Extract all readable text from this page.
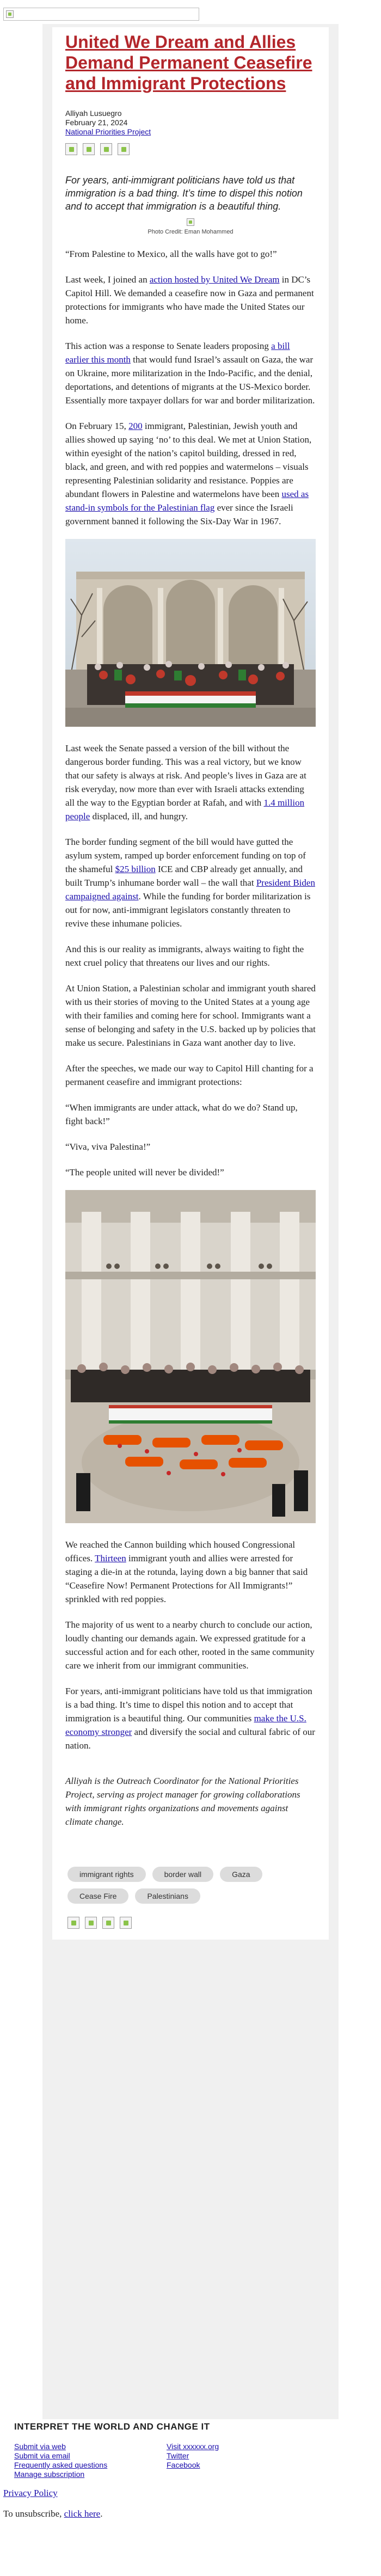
United We Dream and Allies Demand Permanent Ceasefire and Immigrant Protections
Alliyah Lusuegro
February 21, 2024
National Priorities Project
For years, anti-immigrant politicians have told us that immigration is a bad thing. It’s time to dispel this notion and to accept that immigration is a beautiful thing.
Photo Credit: Eman Mohammed

“From Palestine to Mexico, all the walls have got to go!”

Last week, I joined an action hosted by United We Dream in DC’s Capitol Hill. We demanded a ceasefire now in Gaza and permanent protections for immigrants who have made the United States our home.

This action was a response to Senate leaders proposing a bill earlier this month that would fund Israel’s assault on Gaza, the war on Ukraine, more militarization in the Indo-Pacific, and the denial, deportations, and detentions of migrants at the US-Mexico border. Essentially more taxpayer dollars for war and border militarization.

On February 15, 200 immigrant, Palestinian, Jewish youth and allies showed up saying ‘no’ to this deal. We met at Union Station, within eyesight of the nation’s capitol building, dressed in red, black, and green, and with red poppies and watermelons – visuals representing Palestinian solidarity and resistance. Poppies are abundant flowers in Palestine and watermelons have been used as stand-in symbols for the Palestinian flag ever since the Israeli government banned it following the Six-Day War in 1967.

Last week the Senate passed a version of the bill without the dangerous border funding. This was a real victory, but we know that our safety is always at risk. And people’s lives in Gaza are at risk everyday, now more than ever with Israeli attacks extending all the way to the Egyptian border at Rafah, and with 1.4 million people displaced, ill, and hungry.

The border funding segment of the bill would have gutted the asylum system, ramped up border enforcement funding on top of the shameful $25 billion ICE and CBP already get annually, and built Trump’s inhumane border wall – the wall that President Biden campaigned against. While the funding for border militarization is out for now, anti-immigrant legislators constantly threaten to revive these inhumane policies.

And this is our reality as immigrants, always waiting to fight the next cruel policy that threatens our lives and our rights.

At Union Station, a Palestinian scholar and immigrant youth shared with us their stories of moving to the United States at a young age with their families and coming here for school. Immigrants want a sense of belonging and safety in the U.S. backed up by policies that make us secure. Palestinians in Gaza want another day to live.

After the speeches, we made our way to Capitol Hill chanting for a permanent ceasefire and immigrant protections:

“When immigrants are under attack, what do we do? Stand up, fight back!”

“Viva, viva Palestina!”

“The people united will never be divided!”

We reached the Cannon building which housed Congressional offices. Thirteen immigrant youth and allies were arrested for staging a die-in at the rotunda, laying down a big banner that said “Ceasefire Now! Permanent Protections for All Immigrants!” sprinkled with red poppies.

The majority of us went to a nearby church to conclude our action, loudly chanting our demands again. We expressed gratitude for a successful action and for each other, rooted in the same community care we inherit from our immigrant communities.

For years, anti-immigrant politicians have told us that immigration is a bad thing. It’s time to dispel this notion and to accept that immigration is a beautiful thing. Our communities make the U.S. economy stronger and diversify the social and cultural fabric of our nation.

Alliyah is the Outreach Coordinator for the National Priorities Project, serving as project manager for growing collaborations with immigrant rights organizations and movements against climate change.
immigrant rights	border wall	Gaza
Cease Fire	Palestinians
INTERPRET THE WORLD AND CHANGE IT
Submit via web
Submit via email
Frequently asked questions
Manage subscription
Visit xxxxxx.org
Twitter
Facebook
Privacy Policy
To unsubscribe, click here.
